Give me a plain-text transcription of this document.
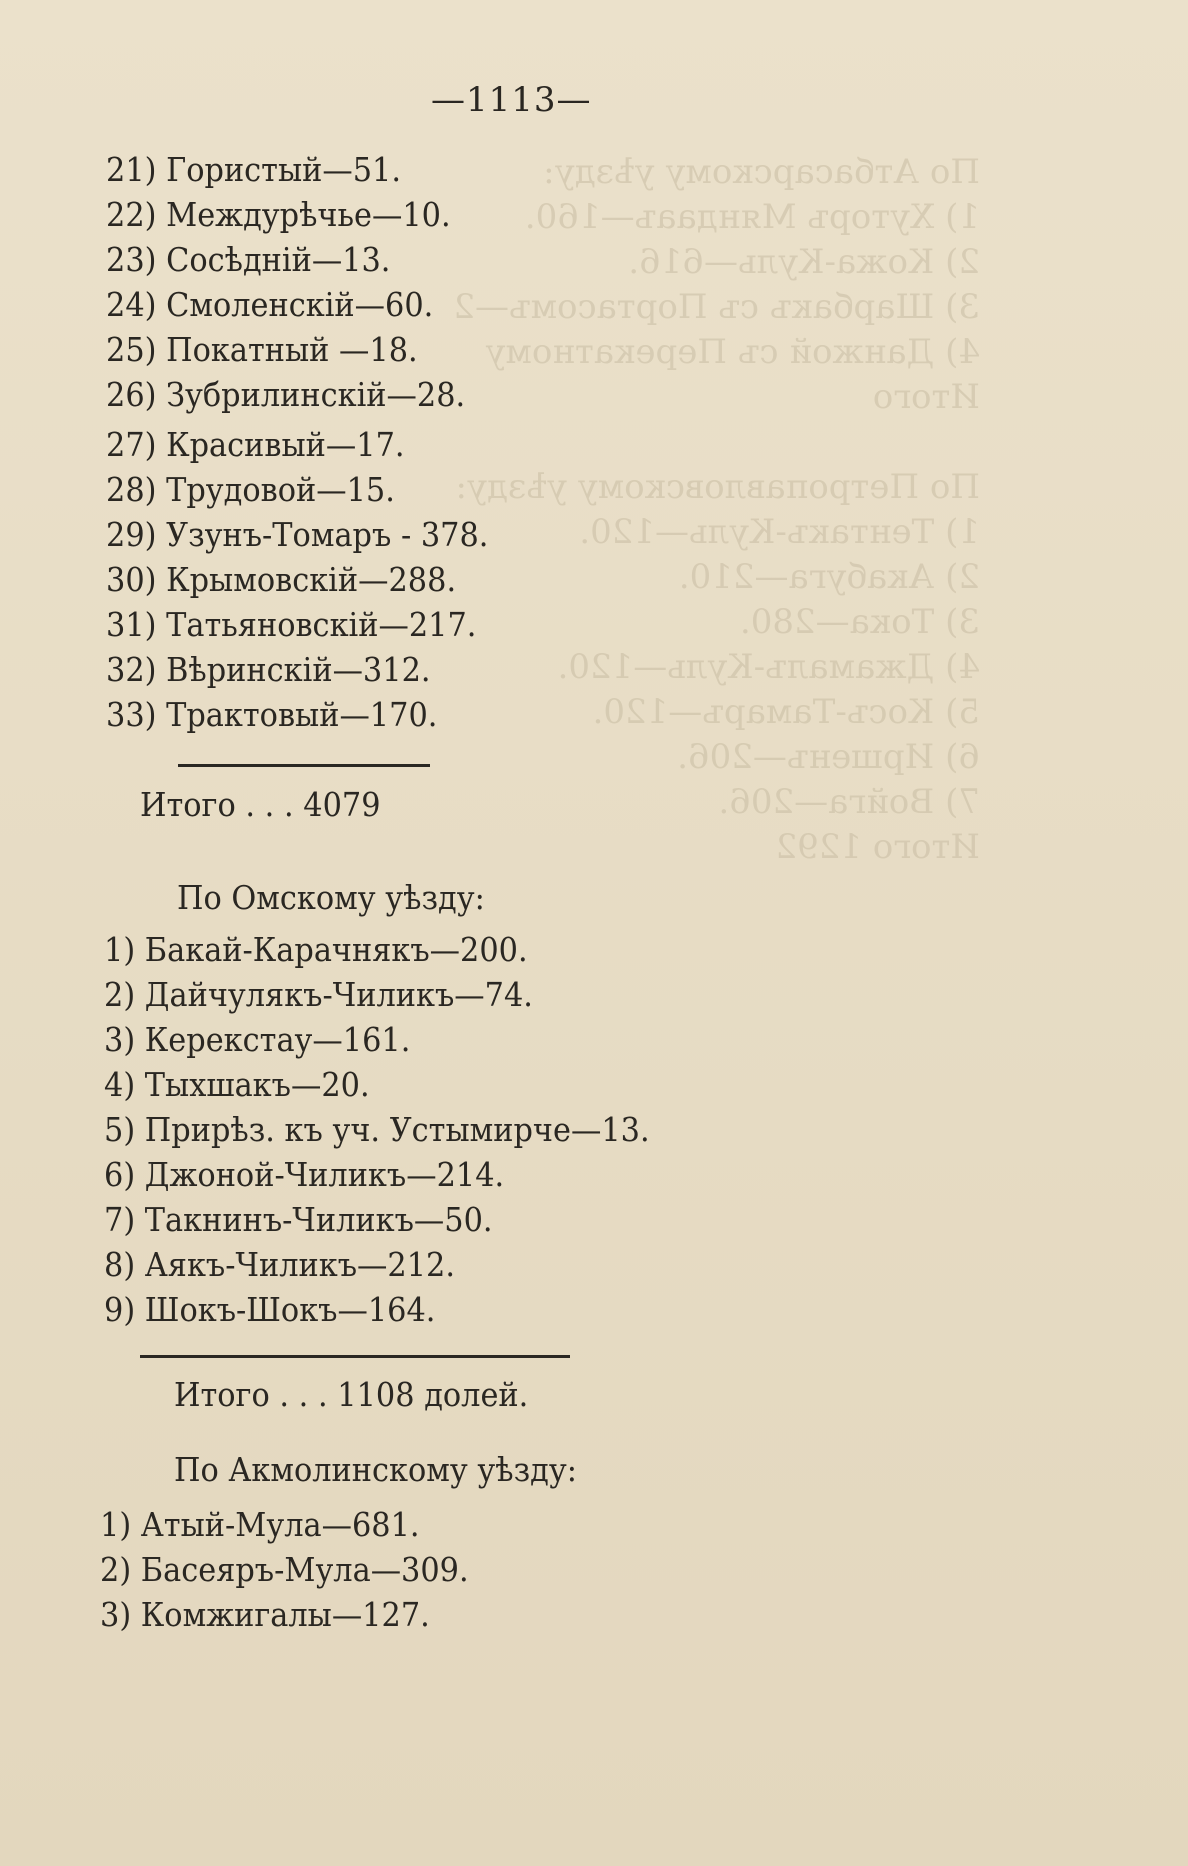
По Атбасарскому уѣзду:
1) Хуторъ Мяндааъ—160.
2) Кожа-Куль—616.
3) Шарбакъ съ Портасомъ—2
4) Данжой съ Перекатному
Итого

По Петропавловскому уѣзду:
1) Тентакъ-Куль—120.
2) Акабуга—210.
3) Тока—280.
4) Джамалъ-Куль—120.
5) Косъ-Тамаръ—120.
6) Иршенъ—206.
7) Войга—206.
Итого 1292
—1113—
21) Гористый—51.
22) Междурѣчье—10.
23) Сосѣдній—13.
24) Смоленскій—60.
25) Покатный —18.
26) Зубрилинскій—28.
27) Красивый—17.
28) Трудовой—15.
29) Узунъ-Томаръ - 378.
30) Крымовскій—288.
31) Татьяновскій—217.
32) Вѣринскій—312.
33) Трактовый—170.
Итого . . . 4079
По Омскому уѣзду:
1) Бакай-Карачнякъ—200.
2) Дайчулякъ-Чиликъ—74.
3) Керекстау—161.
4) Тыхшакъ—20.
5) Прирѣз. къ уч. Устымирче—13.
6) Джоной-Чиликъ—214.
7) Такнинъ-Чиликъ—50.
8) Аякъ-Чиликъ—212.
9) Шокъ-Шокъ—164.
Итого . . . 1108 долей.
По Акмолинскому уѣзду:
1) Атый-Мула—681.
2) Басеяръ-Мула—309.
3) Комжигалы—127.
